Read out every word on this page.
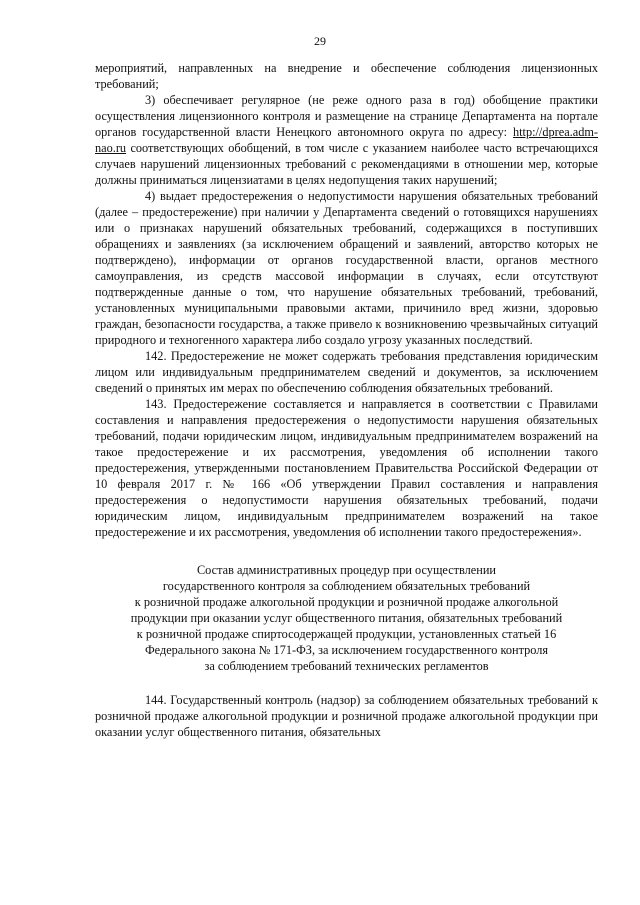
29

мероприятий, направленных на внедрение и обеспечение соблюдения лицензионных требований;

3) обеспечивает регулярное (не реже одного раза в год) обобщение практики осуществления лицензионного контроля и размещение на странице Департамента на портале органов государственной власти Ненецкого автономного округа по адресу: http://dprea.adm-nao.ru соответствующих обобщений, в том числе с указанием наиболее часто встречающихся случаев нарушений лицензионных требований с рекомендациями в отношении мер, которые должны приниматься лицензиатами в целях недопущения таких нарушений;

4) выдает предостережения о недопустимости нарушения обязательных требований (далее – предостережение) при наличии у Департамента сведений о готовящихся нарушениях или о признаках нарушений обязательных требований, содержащихся в поступивших обращениях и заявлениях (за исключением обращений и заявлений, авторство которых не подтверждено), информации от органов государственной власти, органов местного самоуправления, из средств массовой информации в случаях, если отсутствуют подтвержденные данные о том, что нарушение обязательных требований, требований, установленных муниципальными правовыми актами, причинило вред жизни, здоровью граждан, безопасности государства, а также привело к возникновению чрезвычайных ситуаций природного и техногенного характера либо создало угрозу указанных последствий.

142. Предостережение не может содержать требования представления юридическим лицом или индивидуальным предпринимателем сведений и документов, за исключением сведений о принятых им мерах по обеспечению соблюдения обязательных требований.

143. Предостережение составляется и направляется в соответствии с Правилами составления и направления предостережения о недопустимости нарушения обязательных требований, подачи юридическим лицом, индивидуальным предпринимателем возражений на такое предостережение и их рассмотрения, уведомления об исполнении такого предостережения, утвержденными постановлением Правительства Российской Федерации от 10 февраля 2017 г. № 166 «Об утверждении Правил составления и направления предостережения о недопустимости нарушения обязательных требований, подачи юридическим лицом, индивидуальным предпринимателем возражений на такое предостережение и их рассмотрения, уведомления об исполнении такого предостережения».

Состав административных процедур при осуществлении
государственного контроля за соблюдением обязательных требований
к розничной продаже алкогольной продукции и розничной продаже алкогольной
продукции при оказании услуг общественного питания, обязательных требований
к розничной продаже спиртосодержащей продукции, установленных статьей 16
Федерального закона № 171-ФЗ, за исключением государственного контроля
за соблюдением требований технических регламентов

144. Государственный контроль (надзор) за соблюдением обязательных требований к розничной продаже алкогольной продукции и розничной продаже алкогольной продукции при оказании услуг общественного питания, обязательных
